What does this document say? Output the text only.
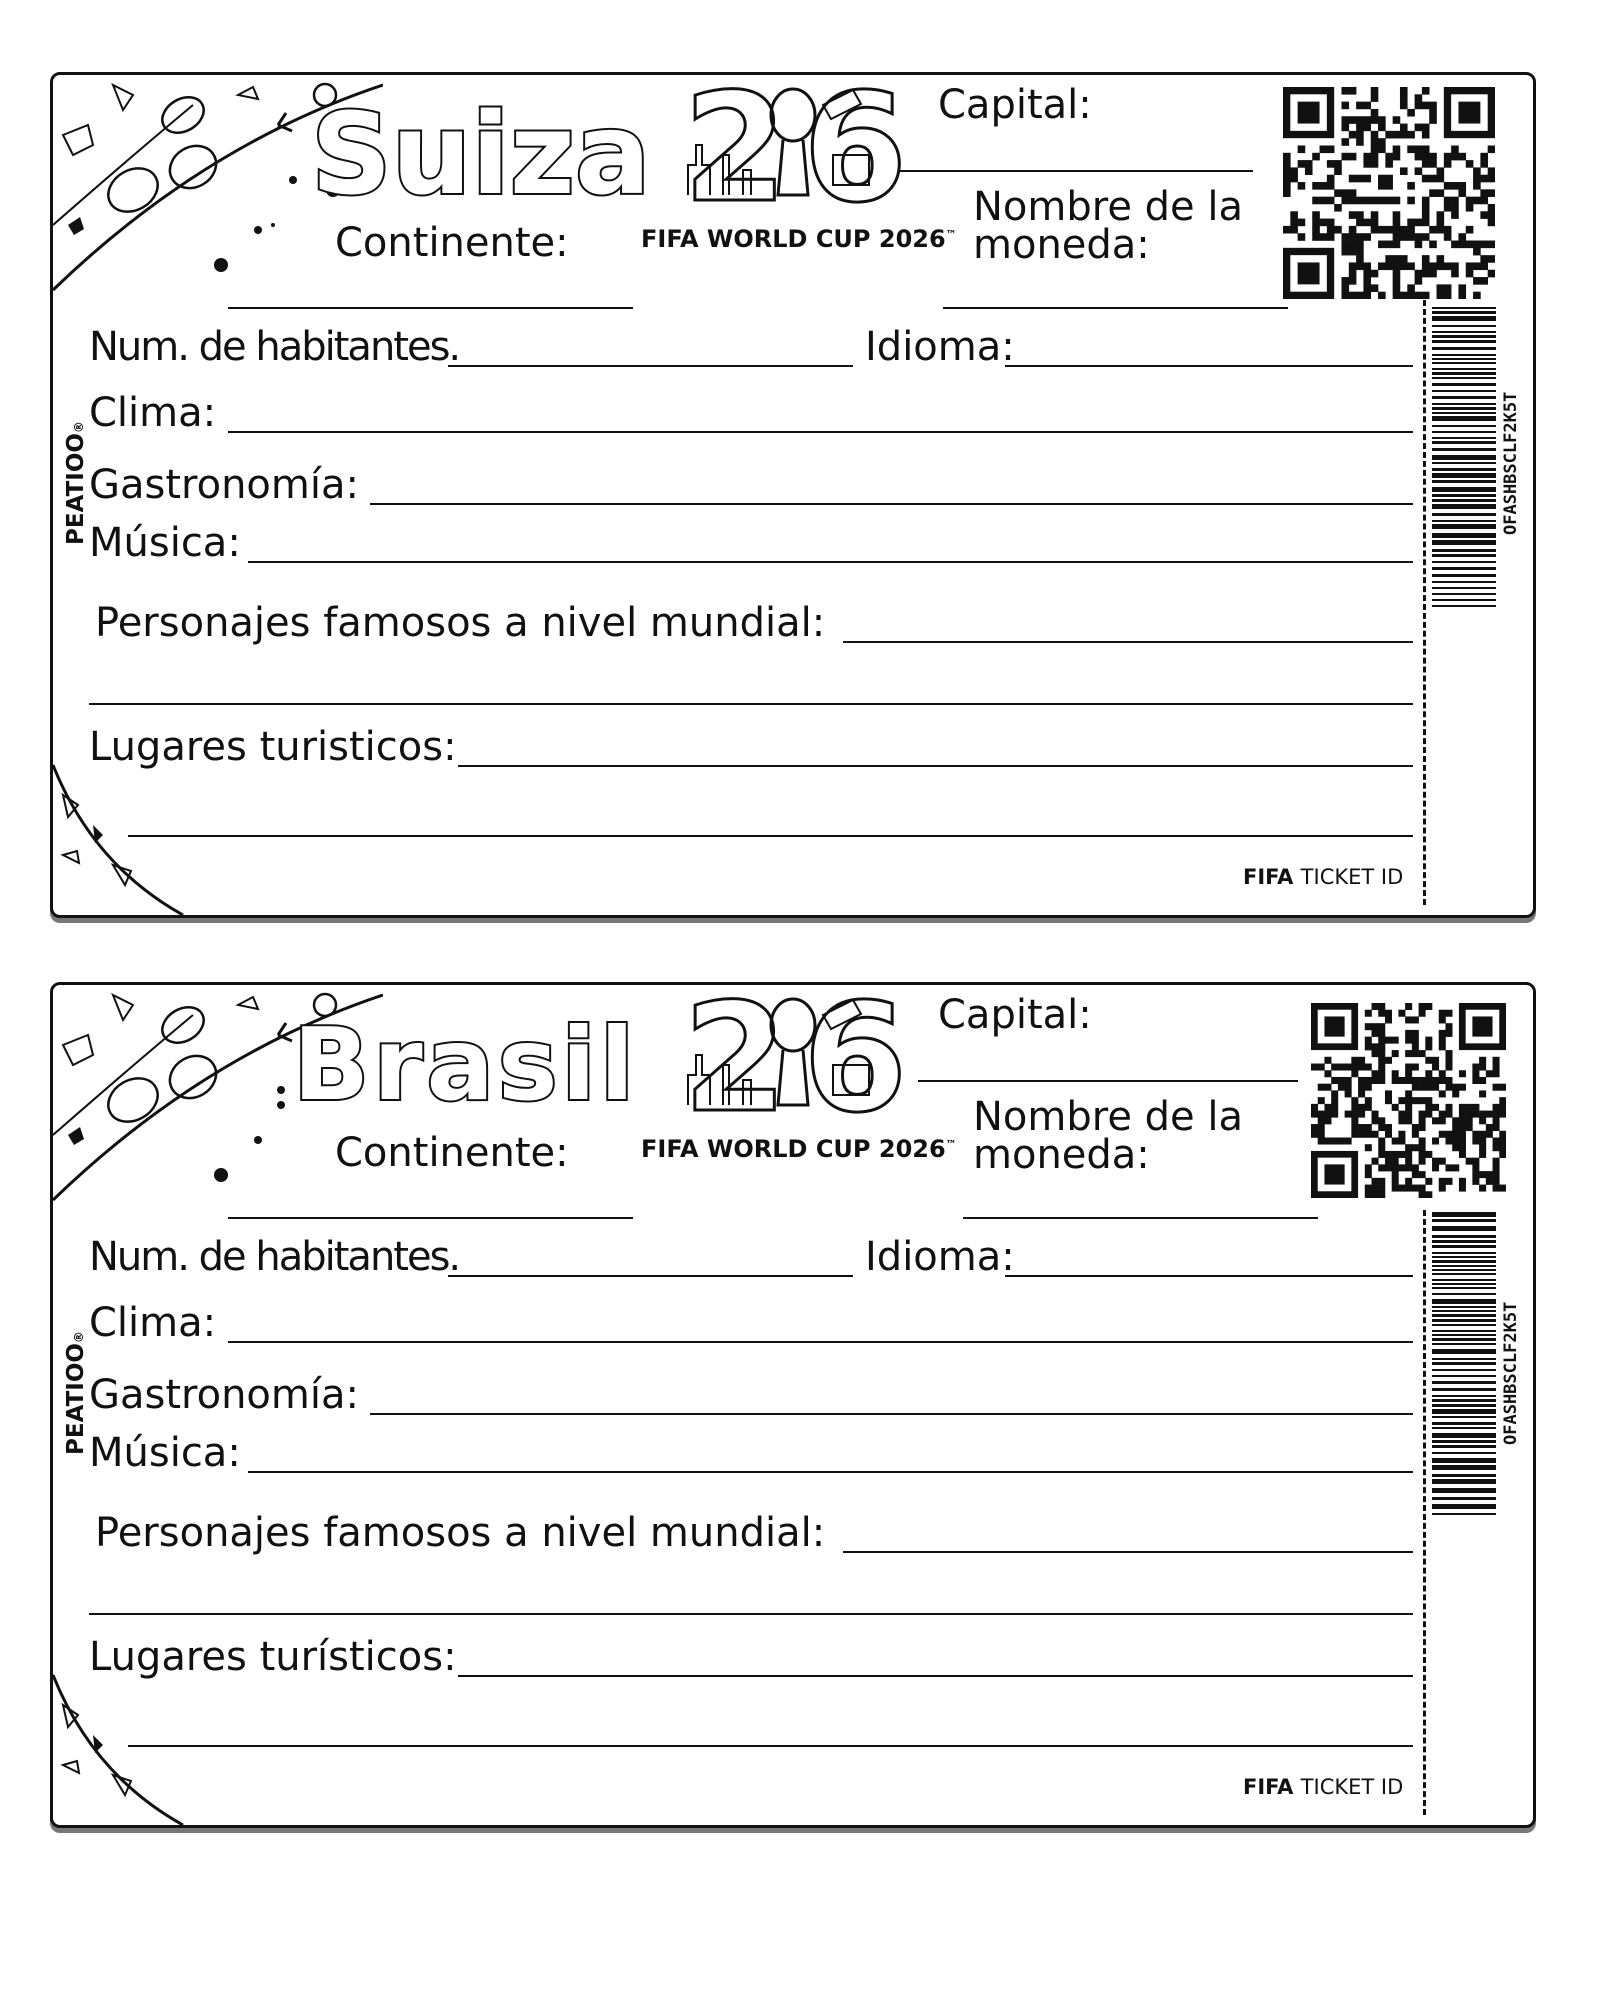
Suiza
Continente:
2 6
FIFA WORLD CUP 2026™
Capital:
Nombre de la
moneda:
OFASHBSCLF2K5T
Num. de habitantes.	Idioma:
Clima:
Gastronomía:
Música:
Personajes famosos a nivel mundial:
Lugares turisticos:
FIFA TICKET ID
PEATIOO®
Brasil
Continente:
2 6
FIFA WORLD CUP 2026™
Capital:
Nombre de la
moneda:
OFASHBSCLF2K5T
Num. de habitantes.	Idioma:
Clima:
Gastronomía:
Música:
Personajes famosos a nivel mundial:
Lugares turísticos:
FIFA TICKET ID
PEATIOO®
